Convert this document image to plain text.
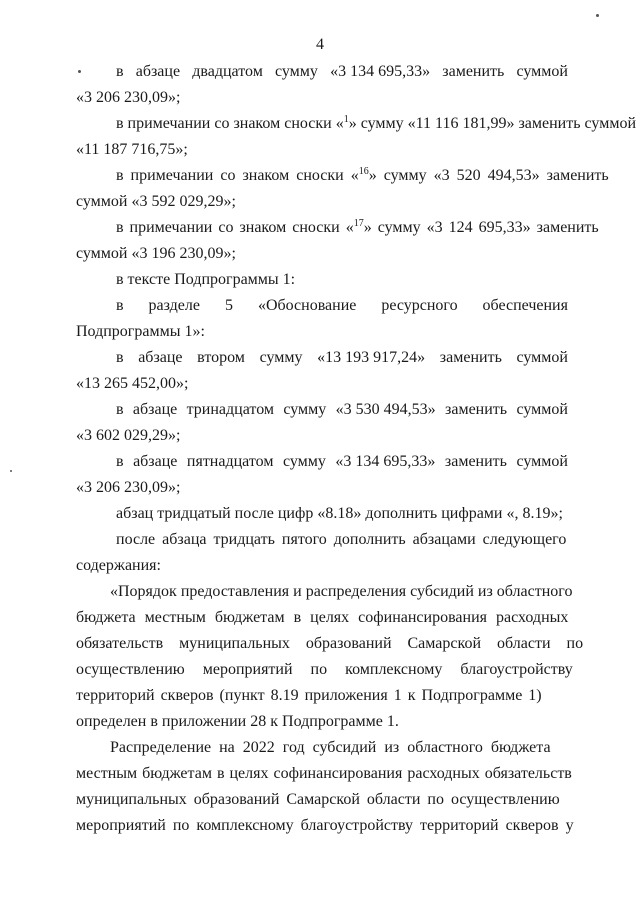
4
в абзаце двадцатом сумму «3 134 695,33» заменить суммой
«3 206 230,09»;
в примечании со знаком сноски «$^1$» сумму «11 116 181,99» заменить суммой
«11 187 716,75»;
в примечании со знаком сноски «$^{16}$» сумму «3 520 494,53» заменить
суммой «3 592 029,29»;
в примечании со знаком сноски «$^{17}$» сумму «3 124 695,33» заменить
суммой «3 196 230,09»;
в тексте Подпрограммы 1:
в разделе 5 «Обоснование ресурсного обеспечения
Подпрограммы 1»:
в абзаце втором сумму «13 193 917,24» заменить суммой
«13 265 452,00»;
в абзаце тринадцатом сумму «3 530 494,53» заменить суммой
«3 602 029,29»;
в абзаце пятнадцатом сумму «3 134 695,33» заменить суммой
«3 206 230,09»;
абзац тридцатый после цифр «8.18» дополнить цифрами «, 8.19»;
после абзаца тридцать пятого дополнить абзацами следующего
содержания:
«Порядок предоставления и распределения субсидий из областного
бюджета местным бюджетам в целях софинансирования расходных
обязательств муниципальных образований Самарской области по
осуществлению мероприятий по комплексному благоустройству
территорий скверов (пункт 8.19 приложения 1 к Подпрограмме 1)
определен в приложении 28 к Подпрограмме 1.
Распределение на 2022 год субсидий из областного бюджета
местным бюджетам в целях софинансирования расходных обязательств
муниципальных образований Самарской области по осуществлению
мероприятий по комплексному благоустройству территорий скверов у
